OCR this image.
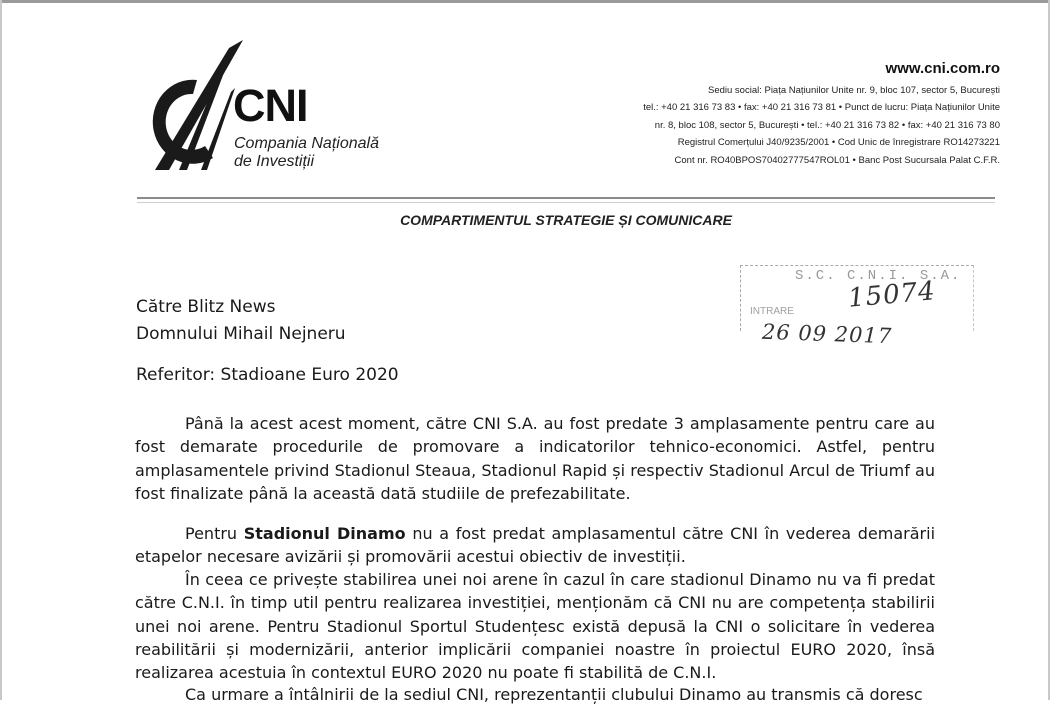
CNI
Compania Națională
de Investiții
www.cni.com.ro
Sediu social: Piața Națiunilor Unite nr. 9, bloc 107, sector 5, București
tel.: +40 21 316 73 83 • fax: +40 21 316 73 81 • Punct de lucru: Piața Națiunilor Unite
nr. 8, bloc 108, sector 5, București • tel.: +40 21 316 73 82 • fax: +40 21 316 73 80
Registrul Comerțului J40/9235/2001 • Cod Unic de înregistrare RO14273221
Cont nr. RO40BPOS70402777547ROL01 • Banc Post Sucursala Palat C.F.R.
COMPARTIMENTUL STRATEGIE ȘI COMUNICARE
S.C. C.N.I. S.A.
INTRARE 15074
26 09 2017
Către Blitz News
Domnului Mihail Nejneru
Referitor: Stadioane Euro 2020
Până la acest acest moment, către CNI S.A. au fost predate 3 amplasamente pentru care au fost demarate procedurile de promovare a indicatorilor tehnico-economici. Astfel, pentru amplasamentele privind Stadionul Steaua, Stadionul Rapid și respectiv Stadionul Arcul de Triumf au fost finalizate până la această dată studiile de prefezabilitate.
Pentru Stadionul Dinamo nu a fost predat amplasamentul către CNI în vederea demarării etapelor necesare avizării și promovării acestui obiectiv de investiții.
În ceea ce privește stabilirea unei noi arene în cazul în care stadionul Dinamo nu va fi predat către C.N.I. în timp util pentru realizarea investiției, menționăm că CNI nu are competența stabilirii unei noi arene. Pentru Stadionul Sportul Studențesc există depusă la CNI o solicitare în vederea reabilitării și modernizării, anterior implicării companiei noastre în proiectul EURO 2020, însă realizarea acestuia în contextul EURO 2020 nu poate fi stabilită de C.N.I.
Ca urmare a întâlnirii de la sediul CNI, reprezentanții clubului Dinamo au transmis că doresc
